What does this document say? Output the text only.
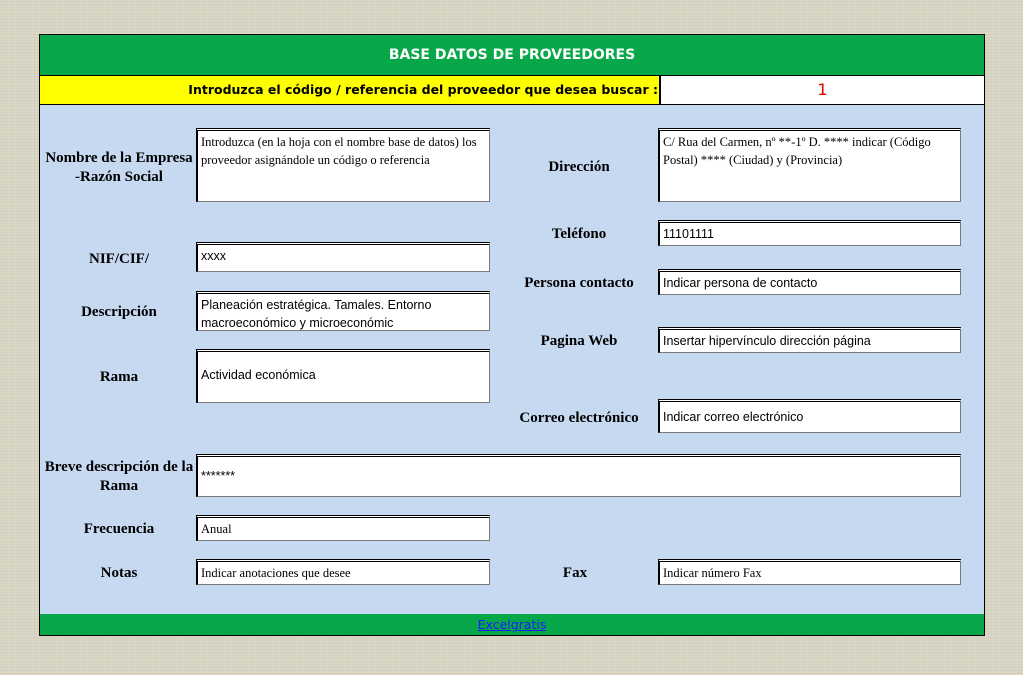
BASE DATOS DE PROVEEDORES
Introduzca el código / referencia del proveedor que desea buscar :	1
Nombre de la Empresa -Razón Social
Introduzca (en la hoja con el nombre base de datos) los proveedor asignándole un código o referencia
NIF/CIF/	xxxx
Descripción	Planeación estratégica. Tamales. Entorno macroeconómico y microeconómic
Rama	Actividad económica
Breve descripción de la Rama
*******
Frecuencia	Anual
Notas	Indicar anotaciones que desee
Dirección
C/ Rua del Carmen, nº **-1º D. **** indicar (Código Postal) **** (Ciudad) y (Provincia)
Teléfono	11101111
Persona contacto	Indicar persona de contacto
Pagina Web	Insertar hipervínculo dirección página
Correo electrónico	Indicar correo electrónico
Fax	Indicar número Fax
Excelgratis
